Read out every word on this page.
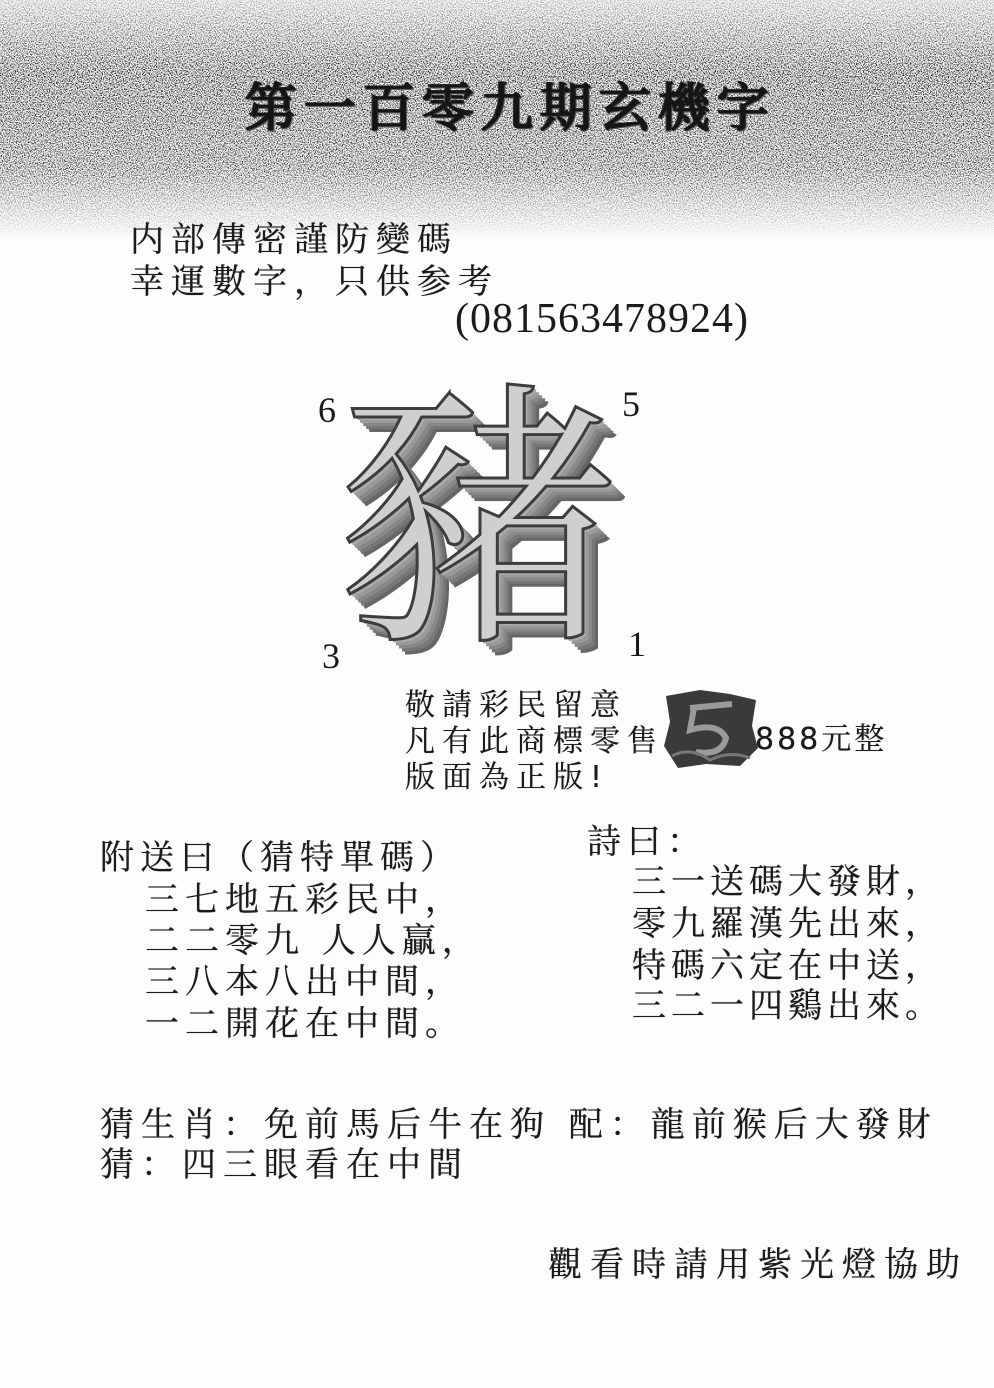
第一百零九期玄機字
内部傳密謹防變碼
幸運數字，只供参考
(081563478924)
豬
6	5
3	1
敬請彩民留意
凡有此商標零售	888元整
版面為正版!
附送曰（猜特單碼）
三七地五彩民中，
二二零九 人人贏，
三八本八出中間，
一二開花在中間。
詩曰：
三一送碼大發財，
零九羅漢先出來，
特碼六定在中送，
三二一四鷄出來。
猜生肖：免前馬后牛在狗 配：龍前猴后大發財
猜：四三眼看在中間
觀看時請用紫光燈協助
